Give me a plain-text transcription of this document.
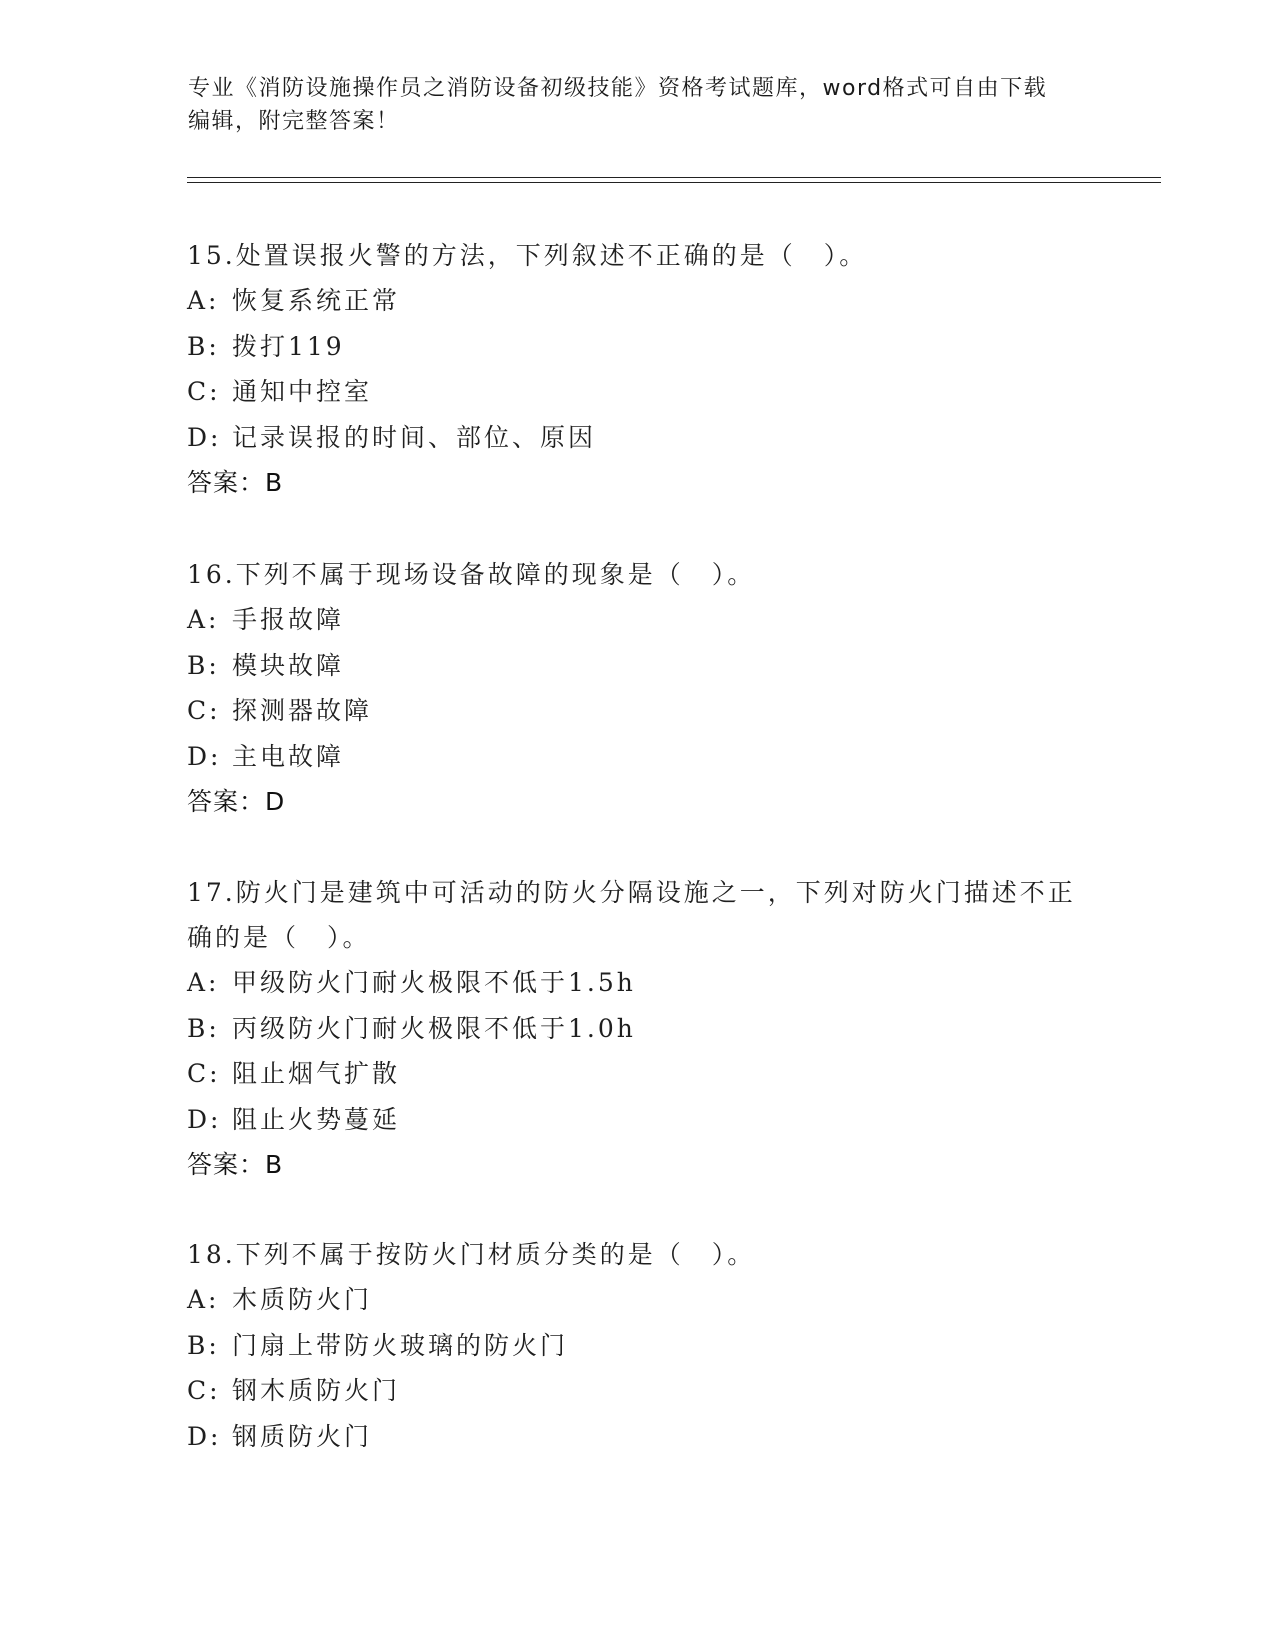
专业《消防设施操作员之消防设备初级技能》资格考试题库，word格式可自由下载编辑，附完整答案！
15.处置误报火警的方法，下列叙述不正确的是（　）。
A: 恢复系统正常
B: 拨打119
C: 通知中控室
D: 记录误报的时间、部位、原因
答案：B
16.下列不属于现场设备故障的现象是（　）。
A: 手报故障
B: 模块故障
C: 探测器故障
D: 主电故障
答案：D
17.防火门是建筑中可活动的防火分隔设施之一，下列对防火门描述不正确的是（　）。
A: 甲级防火门耐火极限不低于1.5h
B: 丙级防火门耐火极限不低于1.0h
C: 阻止烟气扩散
D: 阻止火势蔓延
答案：B
18.下列不属于按防火门材质分类的是（　）。
A: 木质防火门
B: 门扇上带防火玻璃的防火门
C: 钢木质防火门
D: 钢质防火门
